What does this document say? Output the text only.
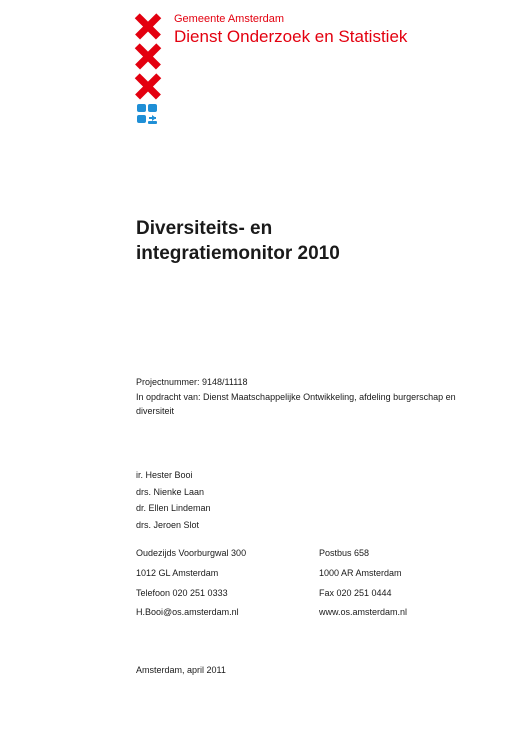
Gemeente Amsterdam
Dienst Onderzoek en Statistiek
Diversiteits- en
integratiemonitor 2010
Projectnummer: 9148/11118
In opdracht van: Dienst Maatschappelijke Ontwikkeling, afdeling burgerschap en
diversiteit
ir. Hester Booi
drs. Nienke Laan
dr. Ellen Lindeman
drs. Jeroen Slot
Oudezijds Voorburgwal 300
1012 GL Amsterdam
Telefoon 020 251 0333
H.Booi@os.amsterdam.nl
Postbus 658
1000 AR Amsterdam
Fax 020 251 0444
www.os.amsterdam.nl
Amsterdam, april 2011
